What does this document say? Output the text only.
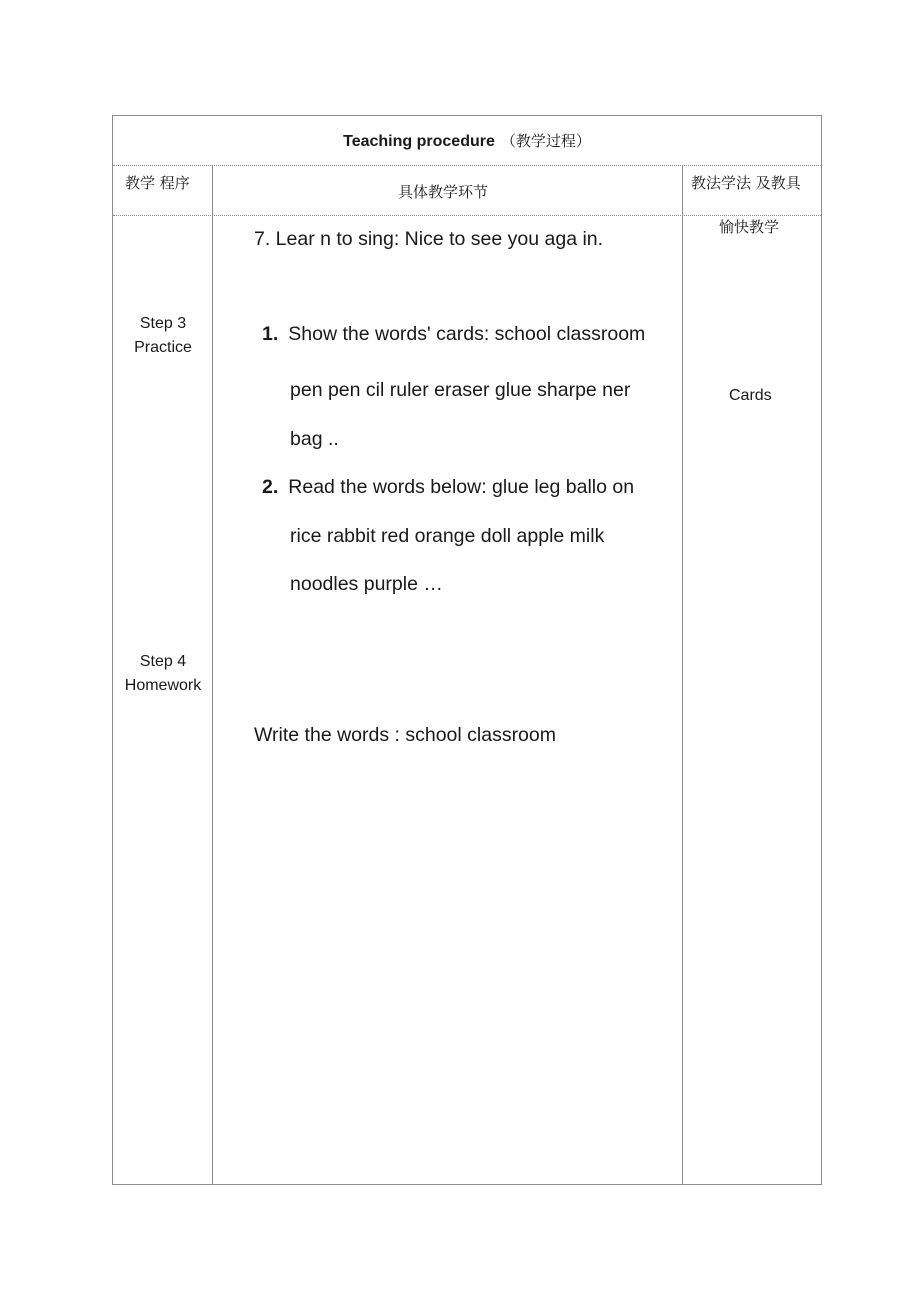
Teaching procedure （教学过程）
教学 程序	具体教学环节	教法学法 及教具
Step 3
Practice
Step 4
Homework
7. Lear n to sing: Nice to see you aga in.
1. Show the words' cards: school classroom
pen pen cil ruler eraser glue sharpe ner
bag ..
2. Read the words below: glue leg ballo on
rice rabbit red orange doll apple milk
noodles purple …
Write the words : school classroom
愉快教学
Cards
